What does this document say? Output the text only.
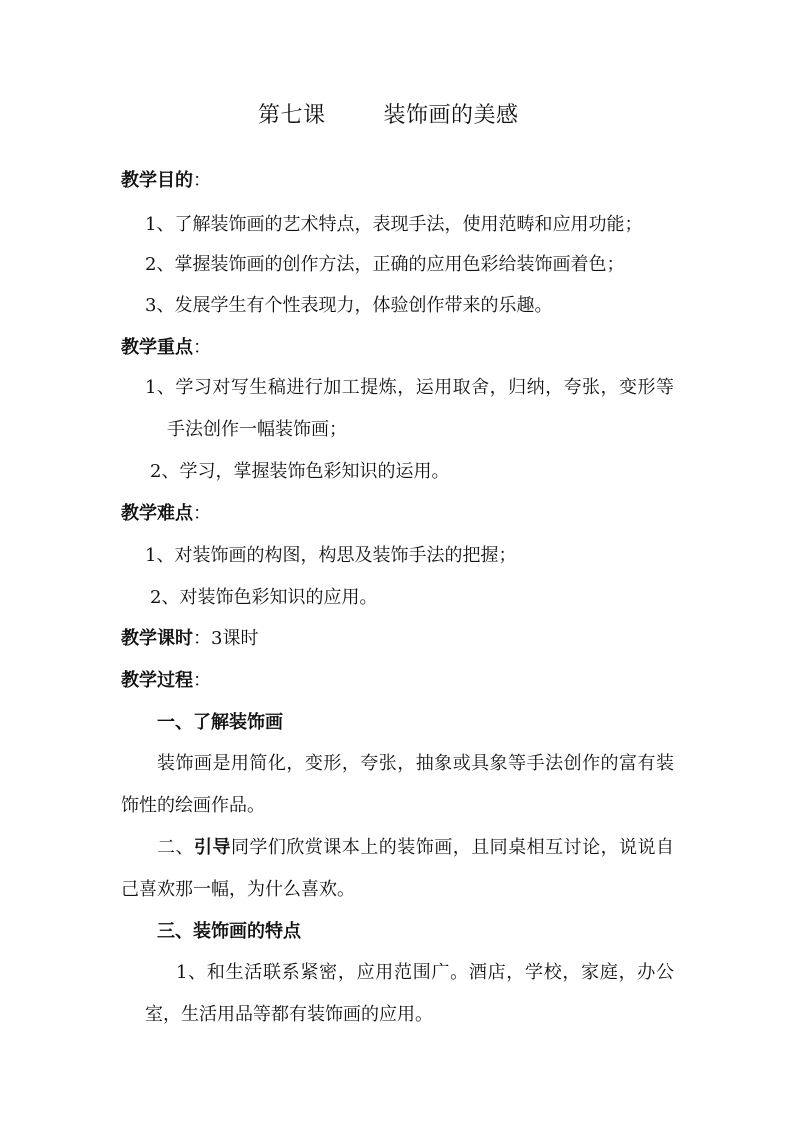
第七课	装饰画的美感
教学目的：
1、了解装饰画的艺术特点，表现手法，使用范畴和应用功能；
2、掌握装饰画的创作方法，正确的应用色彩给装饰画着色；
3、发展学生有个性表现力，体验创作带来的乐趣。
教学重点：
1、学习对写生稿进行加工提炼，运用取舍，归纳，夸张，变形等
手法创作一幅装饰画；
2、学习，掌握装饰色彩知识的运用。
教学难点：
1、对装饰画的构图，构思及装饰手法的把握；
2、对装饰色彩知识的应用。
教学课时：3课时
教学过程：
一、了解装饰画
装饰画是用简化，变形，夸张，抽象或具象等手法创作的富有装
饰性的绘画作品。
二、引导同学们欣赏课本上的装饰画，且同桌相互讨论，说说自
己喜欢那一幅，为什么喜欢。
三、装饰画的特点
1、和生活联系紧密，应用范围广。酒店，学校，家庭，办公
室，生活用品等都有装饰画的应用。
